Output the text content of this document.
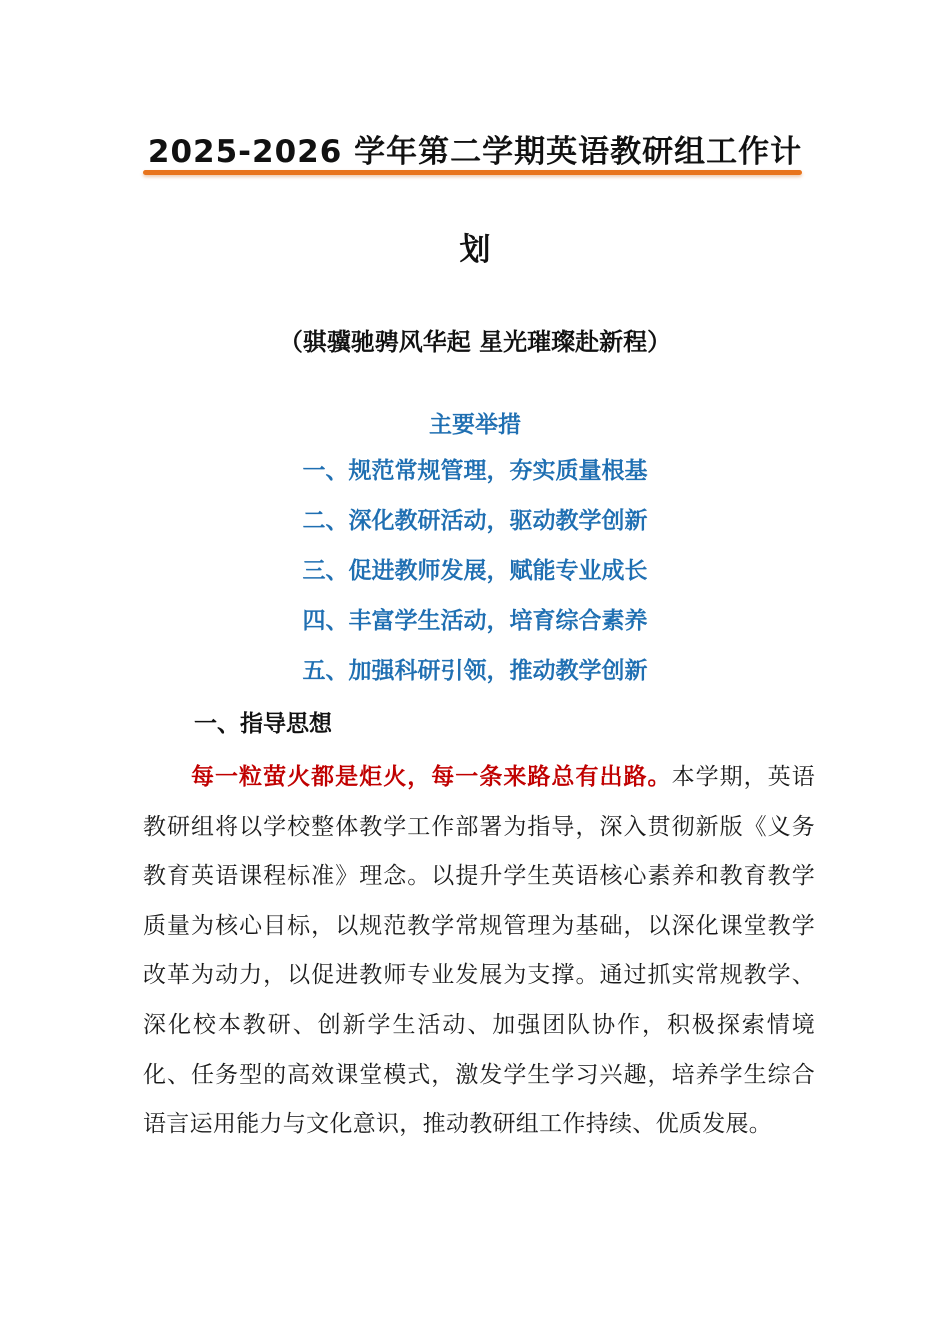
2025-2026 学年第二学期英语教研组工作计
划
（骐骥驰骋风华起 星光璀璨赴新程）
主要举措
一、规范常规管理，夯实质量根基
二、深化教研活动，驱动教学创新
三、促进教师发展，赋能专业成长
四、丰富学生活动，培育综合素养
五、加强科研引领，推动教学创新
一、指导思想
每一粒萤火都是炬火，每一条来路总有出路。本学期，英语教研组将以学校整体教学工作部署为指导，深入贯彻新版《义务教育英语课程标准》理念。以提升学生英语核心素养和教育教学质量为核心目标，以规范教学常规管理为基础，以深化课堂教学改革为动力，以促进教师专业发展为支撑。通过抓实常规教学、深化校本教研、创新学生活动、加强团队协作，积极探索情境化、任务型的高效课堂模式，激发学生学习兴趣，培养学生综合语言运用能力与文化意识，推动教研组工作持续、优质发展。
